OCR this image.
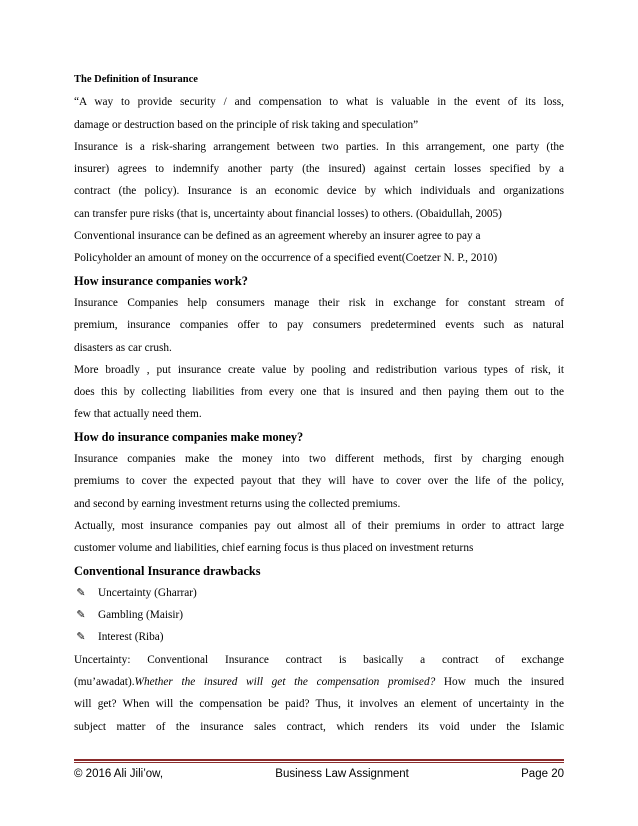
The Definition of Insurance
“A way to provide security / and compensation to what is valuable in the event of its loss,
damage or destruction based on the principle of risk taking and speculation”
Insurance is a risk-sharing arrangement between two parties. In this arrangement, one party (the
insurer) agrees to indemnify another party (the insured) against certain losses specified by a
contract (the policy). Insurance is an economic device by which individuals and organizations
can transfer pure risks (that is, uncertainty about financial losses) to others. (Obaidullah, 2005)
Conventional insurance can be defined as an agreement whereby an insurer agree to pay a
Policyholder an amount of money on the occurrence of a specified event(Coetzer N. P., 2010)
How insurance companies work?
Insurance Companies help consumers manage their risk in exchange for constant stream of
premium, insurance companies offer to pay consumers predetermined events such as natural
disasters as car crush.
More broadly , put insurance create value by pooling and redistribution various types of risk, it
does this by collecting liabilities from every one that is insured and then paying them out to the
few that actually need them.
How do insurance companies make money?
Insurance companies make the money into two different methods, first by charging enough
premiums to cover the expected payout that they will have to cover over the life of the policy,
and second by earning investment returns using the collected premiums.
Actually, most insurance companies pay out almost all of their premiums in order to attract large
customer volume and liabilities, chief earning focus is thus placed on investment returns
Conventional Insurance drawbacks
✎ Uncertainty (Gharrar)
✎ Gambling (Maisir)
✎ Interest (Riba)
Uncertainty:   Conventional   Insurance   contract   is   basically   a   contract   of   exchange
(mu’awadat).Whether the insured will get the compensation promised? How much the insured
will get? When will the compensation be paid? Thus, it involves an element of uncertainty in the
subject matter of the insurance sales contract, which renders its void under the Islamic
© 2016 Ali Jili’ow,	Business Law Assignment	Page 20
